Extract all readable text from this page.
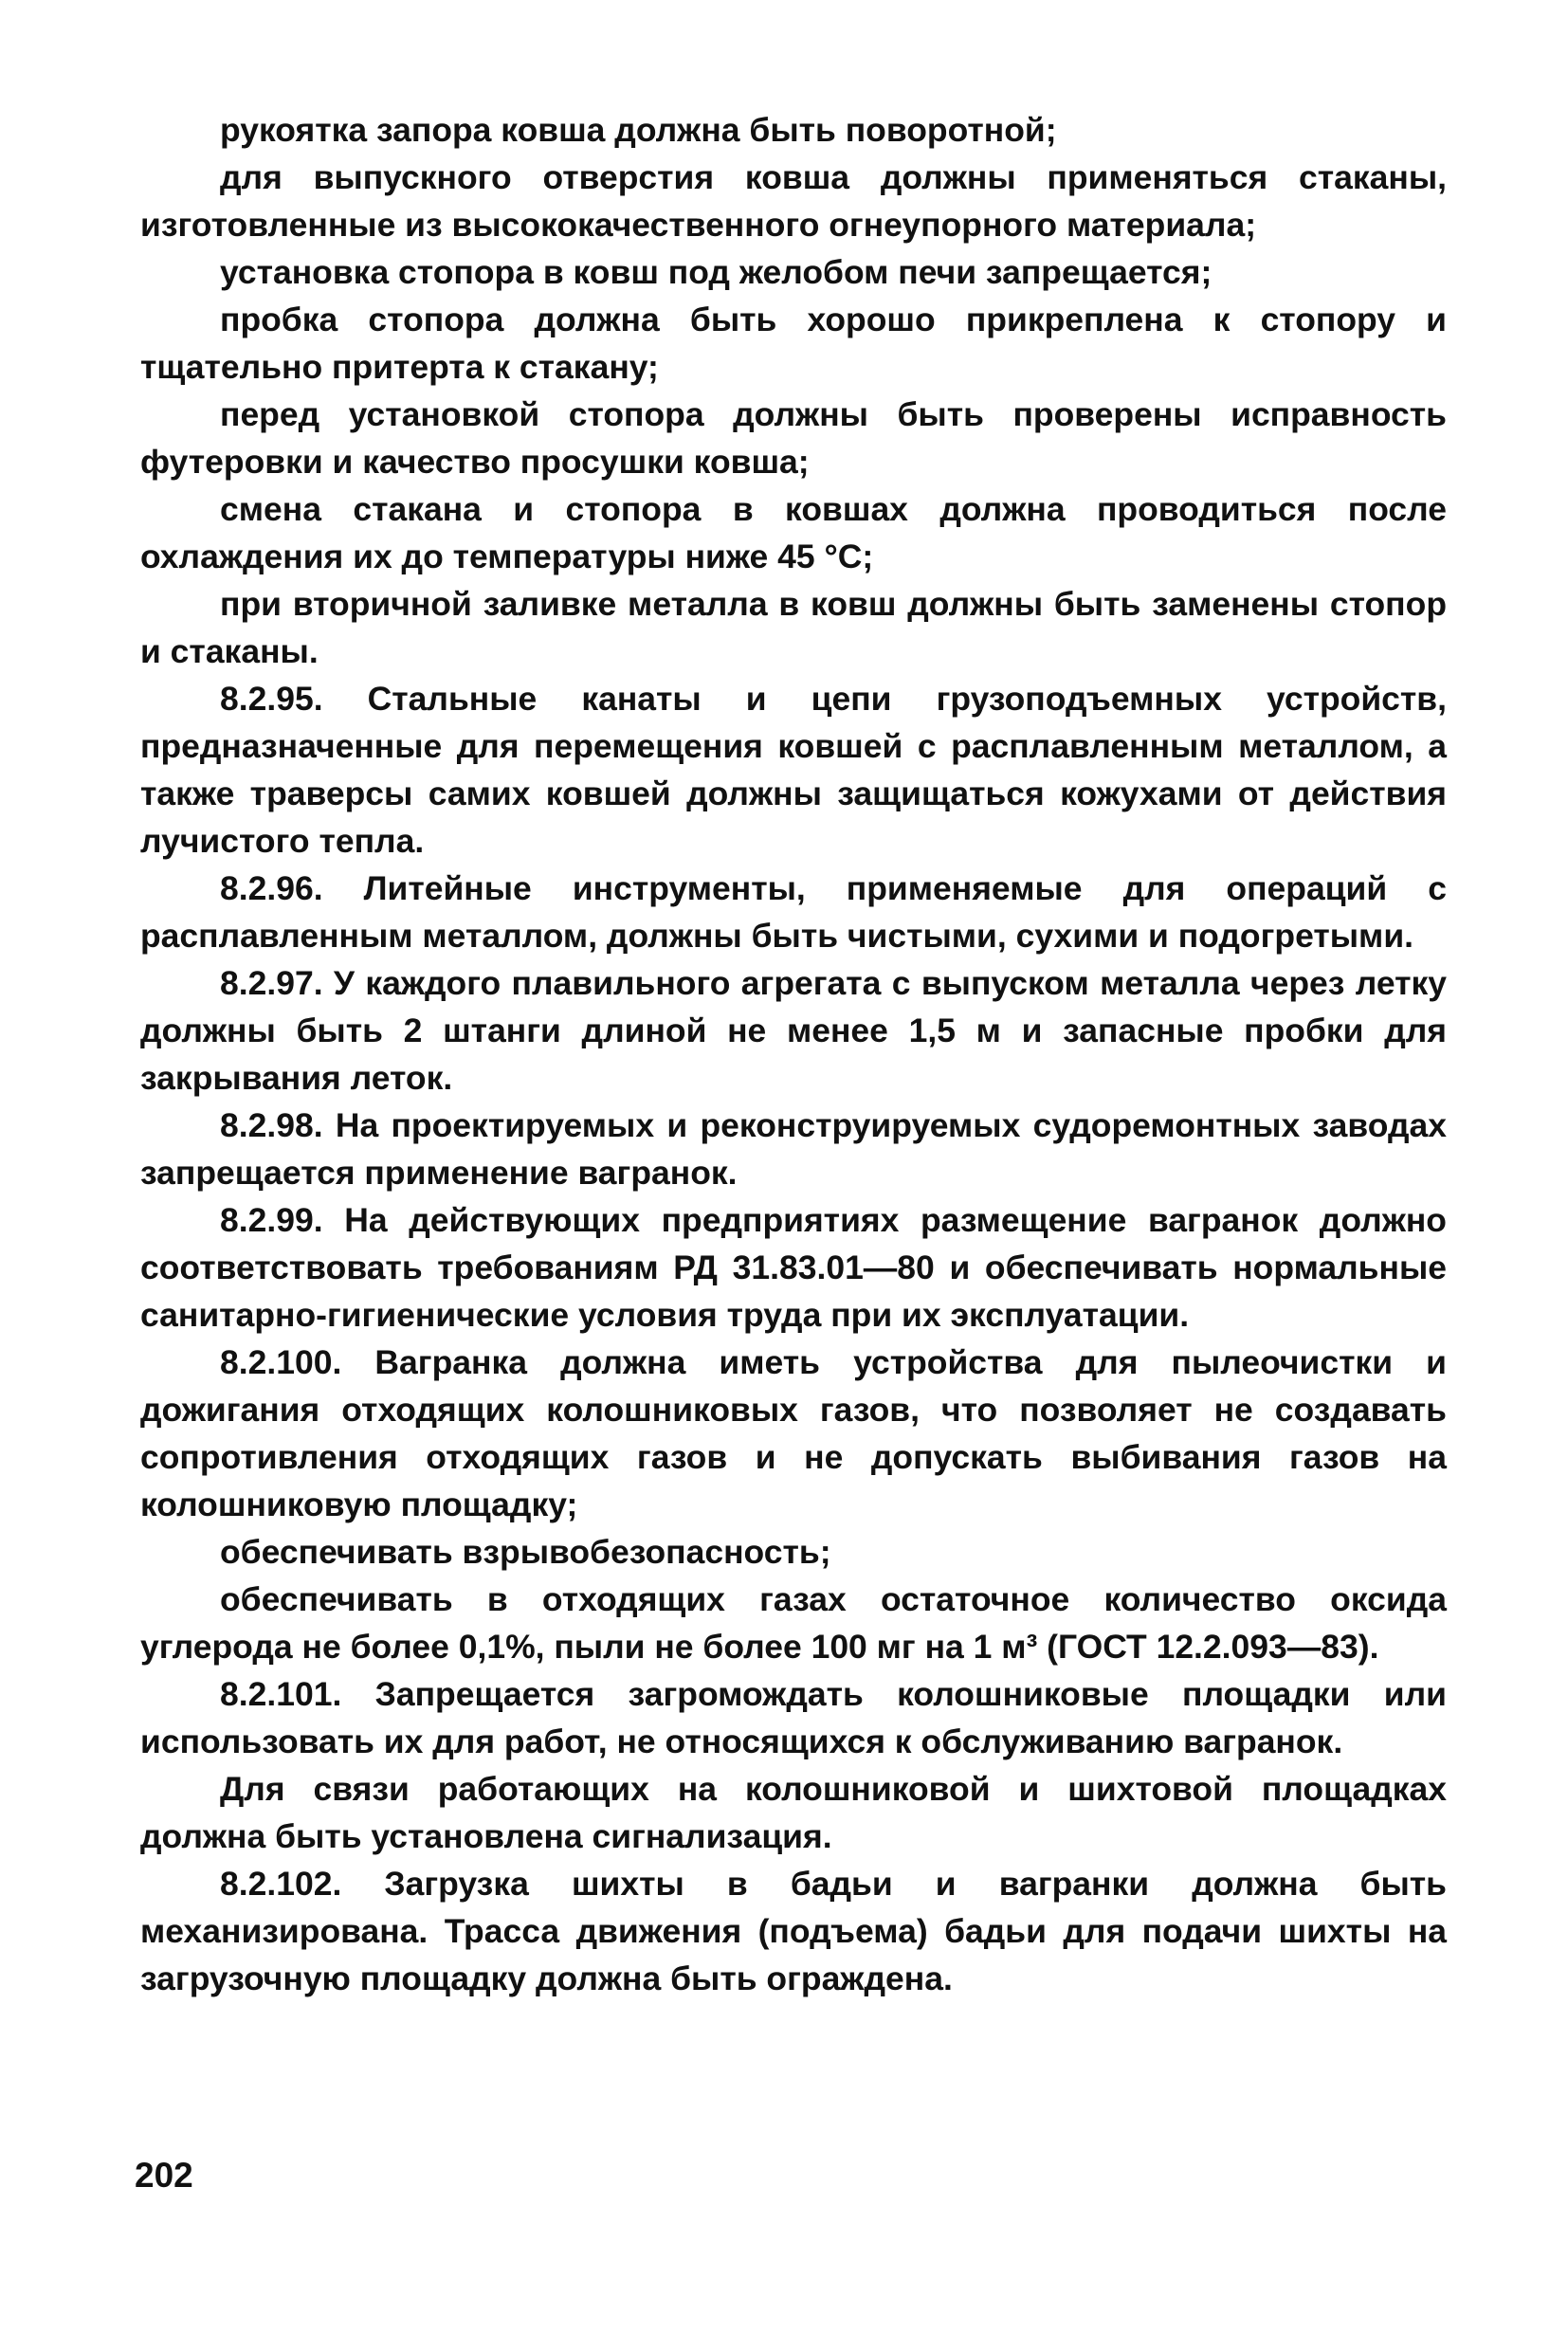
рукоятка запора ковша должна быть поворотной;

для выпускного отверстия ковша должны применяться стаканы, изготовленные из высококачественного огнеупорного материала;

установка стопора в ковш под желобом печи запрещается;

пробка стопора должна быть хорошо прикреплена к стопору и тщательно притерта к стакану;

перед установкой стопора должны быть проверены исправность футеровки и качество просушки ковша;

смена стакана и стопора в ковшах должна проводиться после охлаждения их до температуры ниже 45 °С;

при вторичной заливке металла в ковш должны быть заменены стопор и стаканы.

8.2.95. Стальные канаты и цепи грузоподъемных устройств, предназначенные для перемещения ковшей с расплавленным металлом, а также траверсы самих ковшей должны защищаться кожухами от действия лучистого тепла.

8.2.96. Литейные инструменты, применяемые для операций с расплавленным металлом, должны быть чистыми, сухими и подогретыми.

8.2.97. У каждого плавильного агрегата с выпуском металла через летку должны быть 2 штанги длиной не менее 1,5 м и запасные пробки для закрывания леток.

8.2.98. На проектируемых и реконструируемых судоремонтных заводах запрещается применение вагранок.

8.2.99. На действующих предприятиях размещение вагранок должно соответствовать требованиям РД 31.83.01—80 и обеспечивать нормальные санитарно-гигиенические условия труда при их эксплуатации.

8.2.100. Вагранка должна иметь устройства для пылеочистки и дожигания отходящих колошниковых газов, что позволяет не создавать сопротивления отходящих газов и не допускать выбивания газов на колошниковую площадку;

обеспечивать взрывобезопасность;

обеспечивать в отходящих газах остаточное количество оксида углерода не более 0,1%, пыли не более 100 мг на 1 м³ (ГОСТ 12.2.093—83).

8.2.101. Запрещается загромождать колошниковые площадки или использовать их для работ, не относящихся к обслуживанию вагранок.

Для связи работающих на колошниковой и шихтовой площадках должна быть установлена сигнализация.

8.2.102. Загрузка шихты в бадьи и вагранки должна быть механизирована. Трасса движения (подъема) бадьи для подачи шихты на загрузочную площадку должна быть ограждена.

202
